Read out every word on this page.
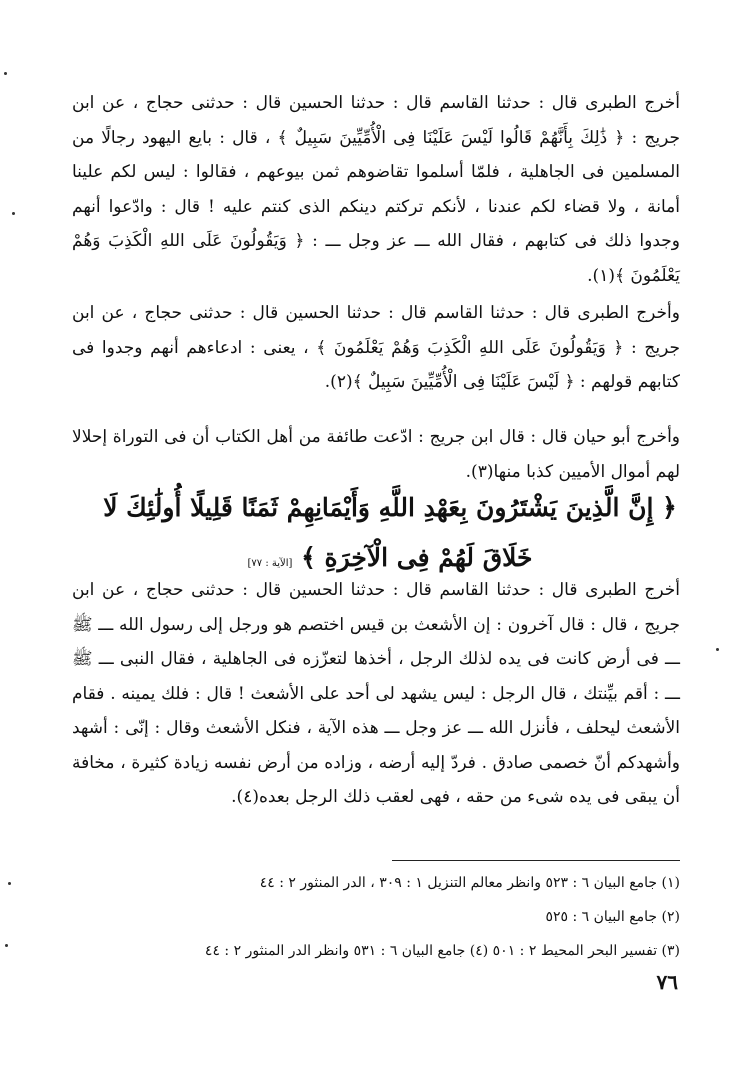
أخرج الطبرى قال : حدثنا القاسم قال : حدثنا الحسين قال : حدثنى حجاج ، عن ابن جريج : ﴿ ذَٰلِكَ بِأَنَّهُمْ قَالُوا لَيْسَ عَلَيْنَا فِى الْأُمِّيِّينَ سَبِيلٌ ﴾ ، قال : بايع اليهود رجالًا من المسلمين فى الجاهلية ، فلمّا أسلموا تقاضوهم ثمن بيوعهم ، فقالوا : ليس لكم علينا أمانة ، ولا قضاء لكم عندنا ، لأنكم تركتم دينكم الذى كنتم عليه ! قال : وادّعوا أنهم وجدوا ذلك فى كتابهم ، فقال الله ـــ عز وجل ـــ : ﴿ وَيَقُولُونَ عَلَى اللهِ الْكَذِبَ وَهُمْ يَعْلَمُونَ ﴾(١).

وأخرج الطبرى قال : حدثنا القاسم قال : حدثنا الحسين قال : حدثنى حجاج ، عن ابن جريج : ﴿ وَيَقُولُونَ عَلَى اللهِ الْكَذِبَ وَهُمْ يَعْلَمُونَ ﴾ ، يعنى : ادعاءهم أنهم وجدوا فى كتابهم قولهم : ﴿ لَيْسَ عَلَيْنَا فِى الْأُمِّيِّينَ سَبِيلٌ ﴾(٢).

وأخرج أبو حيان قال : قال ابن جريج : ادّعت طائفة من أهل الكتاب أن فى التوراة إحلالا لهم أموال الأميين كذبا منها(٣).

﴿ إِنَّ الَّذِينَ يَشْتَرُونَ بِعَهْدِ اللَّهِ وَأَيْمَانِهِمْ ثَمَنًا قَلِيلًا أُولَٰئِكَ لَا خَلَاقَ لَهُمْ فِى الْآخِرَةِ ﴾ [الآية : ٧٧]

أخرج الطبرى قال : حدثنا القاسم قال : حدثنا الحسين قال : حدثنى حجاج ، عن ابن جريج ، قال : قال آخرون : إن الأشعث بن قيس اختصم هو ورجل إلى رسول الله ـــ ﷺ ـــ فى أرض كانت فى يده لذلك الرجل ، أخذها لتعزّزه فى الجاهلية ، فقال النبى ـــ ﷺ ـــ : أقم بيِّنتك ، قال الرجل : ليس يشهد لى أحد على الأشعث ! قال : فلك يمينه . فقام الأشعث ليحلف ، فأنزل الله ـــ عز وجل ـــ هذه الآية ، فنكل الأشعث وقال : إنّى : أشهد وأشهدكم أنّ خصمى صادق . فردّ إليه أرضه ، وزاده من أرض نفسه زيادة كثيرة ، مخافة أن يبقى فى يده شىء من حقه ، فهى لعقب ذلك الرجل بعده(٤).

(١) جامع البيان ٦ : ٥٢٣ وانظر معالم التنزيل ١ : ٣٠٩ ، الدر المنثور ٢ : ٤٤

(٢) جامع البيان ٦ : ٥٢٥

(٣) تفسير البحر المحيط ٢ : ٥٠١ (٤) جامع البيان ٦ : ٥٣١ وانظر الدر المنثور ٢ : ٤٤

٧٦
